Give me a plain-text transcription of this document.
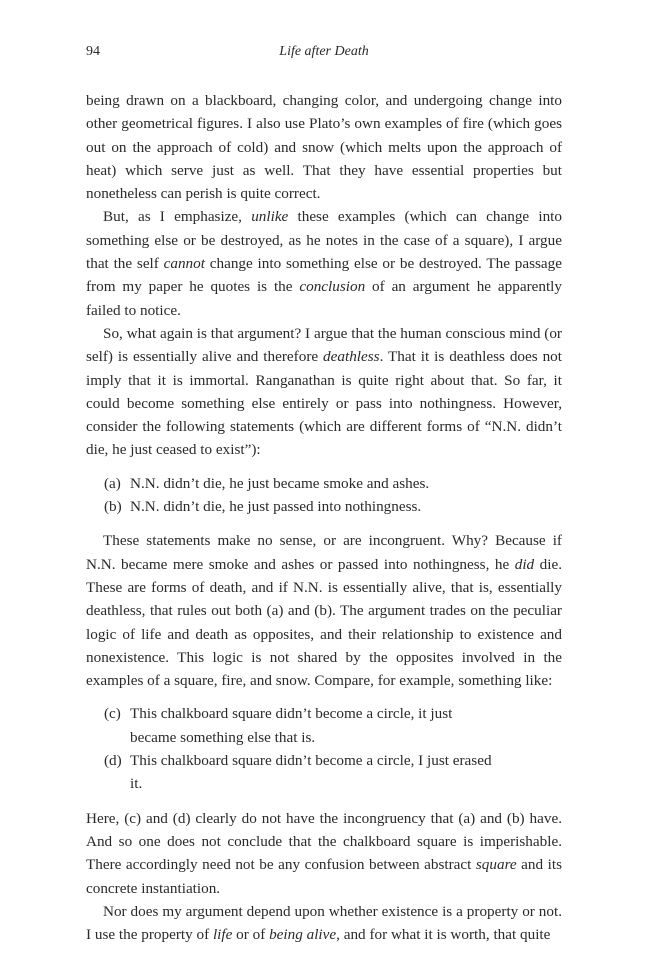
94	Life after Death

being drawn on a blackboard, changing color, and undergoing change into other geometrical figures. I also use Plato’s own examples of fire (which goes out on the approach of cold) and snow (which melts upon the approach of heat) which serve just as well. That they have essential properties but nonetheless can perish is quite correct.

But, as I emphasize, unlike these examples (which can change into something else or be destroyed, as he notes in the case of a square), I argue that the self cannot change into something else or be destroyed. The passage from my paper he quotes is the conclusion of an argument he apparently failed to notice.

So, what again is that argument? I argue that the human conscious mind (or self) is essentially alive and therefore deathless. That it is deathless does not imply that it is immortal. Ranganathan is quite right about that. So far, it could become something else entirely or pass into nothingness. However, consider the following statements (which are different forms of “N.N. didn’t die, he just ceased to exist”):

(a) N.N. didn’t die, he just became smoke and ashes.
(b) N.N. didn’t die, he just passed into nothingness.

These statements make no sense, or are incongruent. Why? Because if N.N. became mere smoke and ashes or passed into nothingness, he did die. These are forms of death, and if N.N. is essentially alive, that is, essentially deathless, that rules out both (a) and (b). The argument trades on the peculiar logic of life and death as opposites, and their relationship to existence and nonexistence. This logic is not shared by the opposites involved in the examples of a square, fire, and snow. Compare, for example, something like:

(c) This chalkboard square didn’t become a circle, it just became something else that is.
(d) This chalkboard square didn’t become a circle, I just erased it.

Here, (c) and (d) clearly do not have the incongruency that (a) and (b) have. And so one does not conclude that the chalkboard square is imperishable. There accordingly need not be any confusion between abstract square and its concrete instantiation.

Nor does my argument depend upon whether existence is a property or not. I use the property of life or of being alive, and for what it is worth, that quite
